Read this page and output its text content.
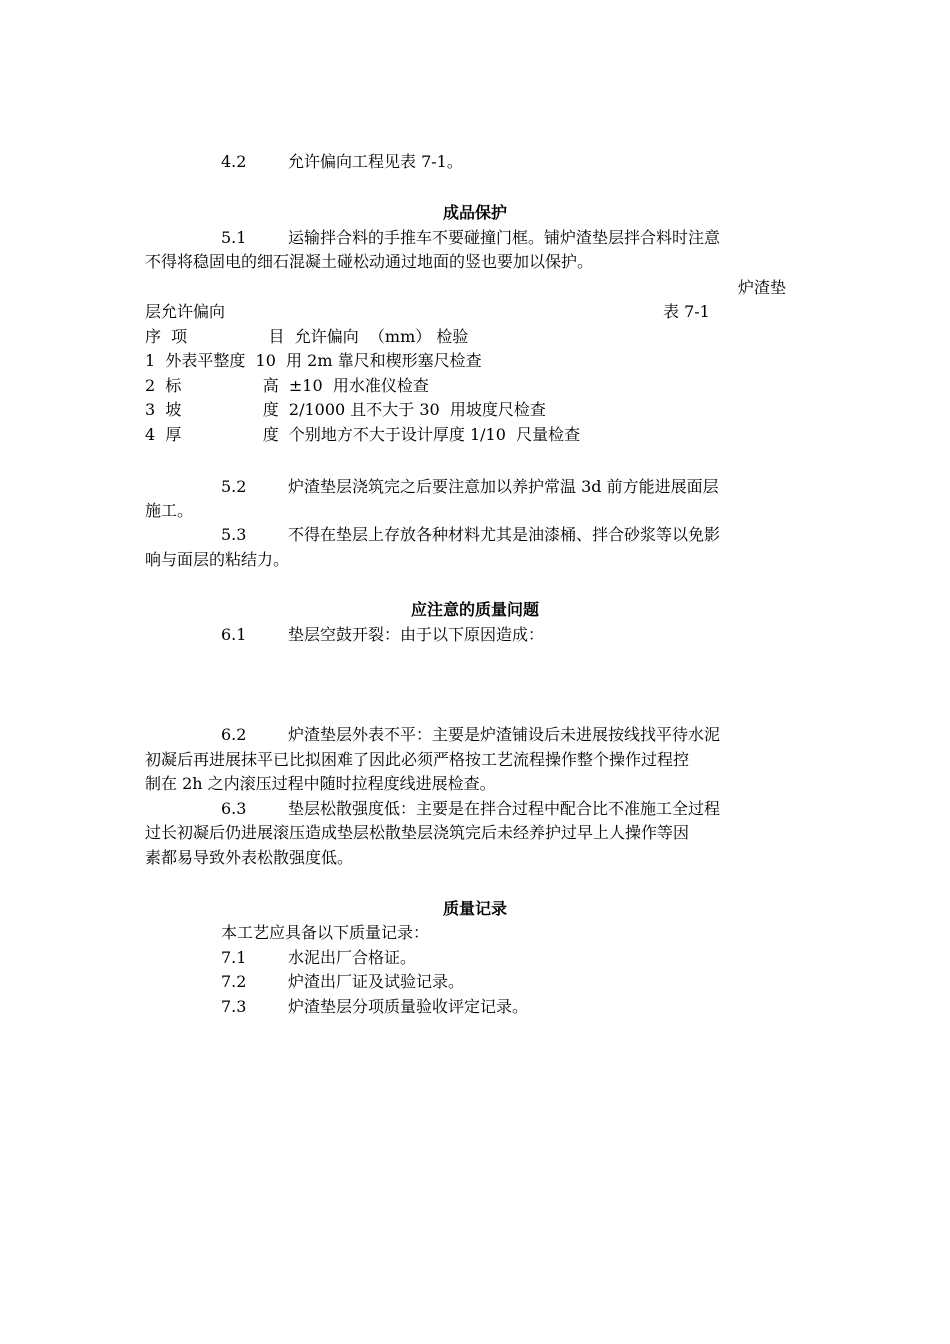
4.2	允许偏向工程见表 7-1。

成品保护

5.1	运输拌合料的手推车不要碰撞门框。铺炉渣垫层拌合料时注意

不得将稳固电的细石混凝土碰松动通过地面的竖也要加以保护。

炉渣垫

层允许偏向	表 7-1

序  项                目  允许偏向  （mm） 检验

1  外表平整度  10  用 2m 靠尺和楔形塞尺检查

2  标                高  ±10  用水准仪检查

3  坡                度  2/1000 且不大于 30  用坡度尺检查

4  厚                度  个别地方不大于设计厚度 1/10  尺量检查

5.2	炉渣垫层浇筑完之后要注意加以养护常温 3d 前方能进展面层

施工。

5.3	不得在垫层上存放各种材料尤其是油漆桶、拌合砂浆等以免影

响与面层的粘结力。

应注意的质量问题

6.1	垫层空鼓开裂：由于以下原因造成：

6.2	炉渣垫层外表不平：主要是炉渣铺设后未进展按线找平待水泥

初凝后再进展抹平已比拟困难了因此必须严格按工艺流程操作整个操作过程控

制在 2h 之内滚压过程中随时拉程度线进展检查。

6.3	垫层松散强度低：主要是在拌合过程中配合比不准施工全过程

过长初凝后仍进展滚压造成垫层松散垫层浇筑完后未经养护过早上人操作等因

素都易导致外表松散强度低。

质量记录

本工艺应具备以下质量记录：

7.1	水泥出厂合格证。

7.2	炉渣出厂证及试验记录。

7.3	炉渣垫层分项质量验收评定记录。
